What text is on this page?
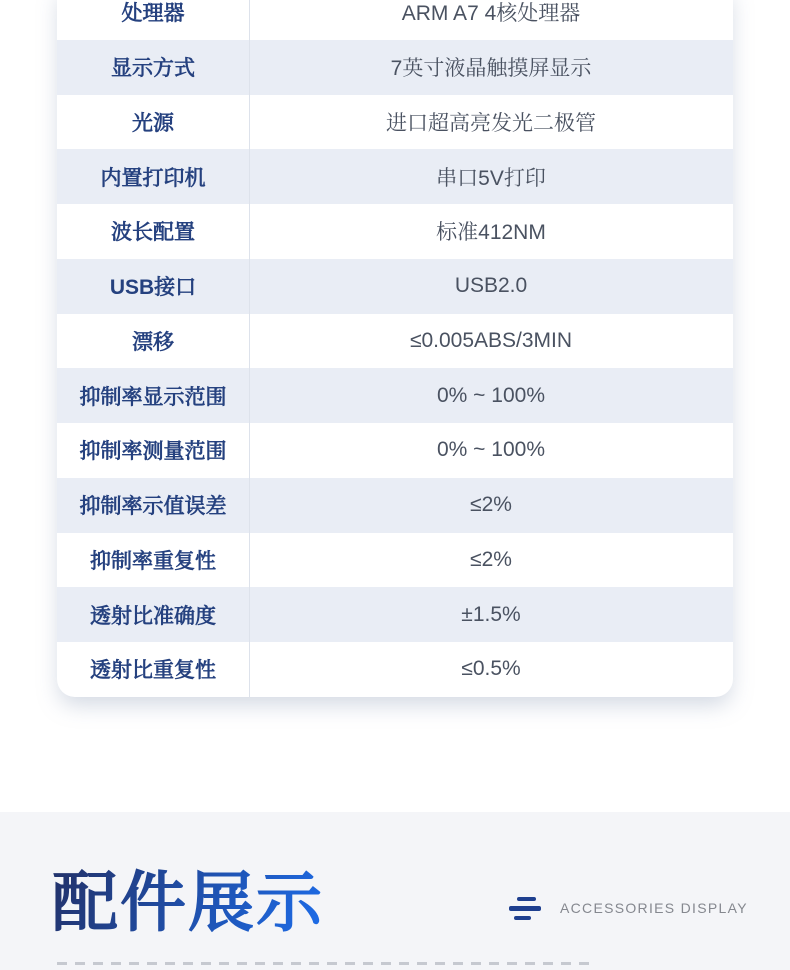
处理器	ARM A7 4核处理器
显示方式	7英寸液晶触摸屏显示
光源	进口超高亮发光二极管
内置打印机	串口5V打印
波长配置	标准412NM
USB接口	USB2.0
漂移	≤0.005ABS/3MIN
抑制率显示范围	0% ~ 100%
抑制率测量范围	0% ~ 100%
抑制率示值误差	≤2%
抑制率重复性	≤2%
透射比准确度	±1.5%
透射比重复性	≤0.5%
配件展示	ACCESSORIES DISPLAY
